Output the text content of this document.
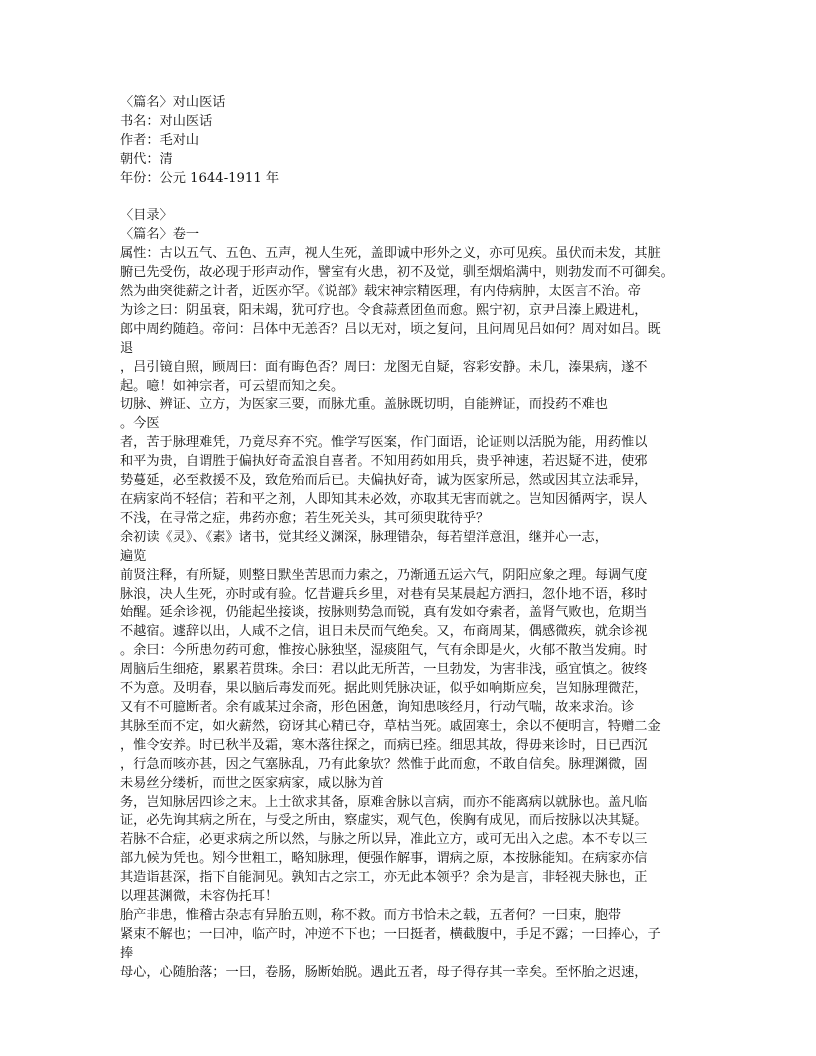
〈篇名〉对山医话
书名：对山医话
作者：毛对山
朝代：清
年份：公元 1644-1911 年
〈目录〉
〈篇名〉卷一
属性：古以五气、五色、五声，视人生死，盖即诚中形外之义，亦可见疾。虽伏而未发，其脏
腑已先受伤，故必现于形声动作，譬室有火患，初不及觉，驯至烟焰满中，则勃发而不可御矣。
然为曲突徙薪之计者，近医亦罕。《说部》载宋神宗精医理，有内侍病肿，太医言不治。帝
为诊之曰：阴虽衰，阳未竭，犹可疗也。令食蒜煮团鱼而愈。熙宁初，京尹吕溱上殿进札，
郎中周约随趋。帝问：吕体中无恙否？吕以无对，顷之复问，且问周见吕如何？周对如吕。既
退
，吕引镜自照，顾周曰：面有晦色否？周曰：龙图无自疑，容彩安静。未几，溱果病，遂不
起。噫！如神宗者，可云望而知之矣。
切脉、辨证、立方，为医家三要，而脉尤重。盖脉既切明，自能辨证，而投药不难也
。今医
者，苦于脉理难凭，乃竟尽弃不究。惟学写医案，作门面语，论证则以活脱为能，用药惟以
和平为贵，自谓胜于偏执好奇孟浪自喜者。不知用药如用兵，贵乎神速，若迟疑不进，使邪
势蔓延，必至救援不及，致危殆而后已。夫偏执好奇，诚为医家所忌，然或因其立法乖异，
在病家尚不轻信；若和平之剂，人即知其未必效，亦取其无害而就之。岂知因循两字，误人
不浅，在寻常之症，弗药亦愈；若生死关头，其可须臾耽待乎？
余初读《灵》、《素》诸书，觉其经义渊深，脉理错杂，每若望洋意沮，继并心一志，
遍览
前贤注释，有所疑，则整日默坐苦思而力索之，乃渐通五运六气，阴阳应象之理。每调气度
脉浪，决人生死，亦时或有验。忆昔避兵乡里，对巷有吴某晨起方洒扫，忽仆地不语，移时
始醒。延余诊视，仍能起坐接谈，按脉则势急而锐，真有发如夺索者，盖肾气败也，危期当
不越宿。遽辞以出，人咸不之信，诅日未昃而气绝矣。又，布商周某，偶感微疾，就余诊视
。余曰：今所患勿药可愈，惟按心脉独坚，湿痰阻气，气有余即是火，火郁不散当发痈。时
周脑后生细疮，累累若贯珠。余曰：君以此无所苦，一旦勃发，为害非浅，亟宜慎之。彼终
不为意。及明春，果以脑后毒发而死。据此则凭脉决证，似乎如响斯应矣，岂知脉理微茫，
又有不可臆断者。余有戚某过余斋，形色困惫，询知患咳经月，行动气喘，故来求治。诊
其脉至而不定，如火薪然，窃讶其心精已夺，草枯当死。戚固寒士，余以不便明言，特赠二金
，惟令安养。时已秋半及霜，寒木落往探之，而病已痊。细思其故，得毋来诊时，日已西沉
，行急而咳亦甚，因之气塞脉乱，乃有此象欤？然惟于此而愈，不敢自信矣。脉理渊微，固
未易丝分缕析，而世之医家病家，咸以脉为首
务，岂知脉居四诊之末。上士欲求其备，原难舍脉以言病，而亦不能离病以就脉也。盖凡临
证，必先询其病之所在，与受之所由，察虚实，观气色，俟胸有成见，而后按脉以决其疑。
若脉不合症，必更求病之所以然，与脉之所以异，准此立方，或可无出入之虑。本不专以三
部九候为凭也。矧今世粗工，略知脉理，便强作解事，谓病之原，本按脉能知。在病家亦信
其造诣甚深，指下自能洞见。孰知古之宗工，亦无此本领乎？余为是言，非轻视夫脉也，正
以理甚渊微，未容伪托耳！
胎产非患，惟稽古杂志有异胎五则，称不救。而方书恰未之载，五者何？一曰束，胞带
紧束不解也；一曰冲，临产时，冲逆不下也；一曰挺者，横截腹中，手足不露；一曰捧心，子
捧
母心，心随胎落；一曰，卷肠，肠断始脱。遇此五者，母子得存其一幸矣。至怀胎之迟速，
